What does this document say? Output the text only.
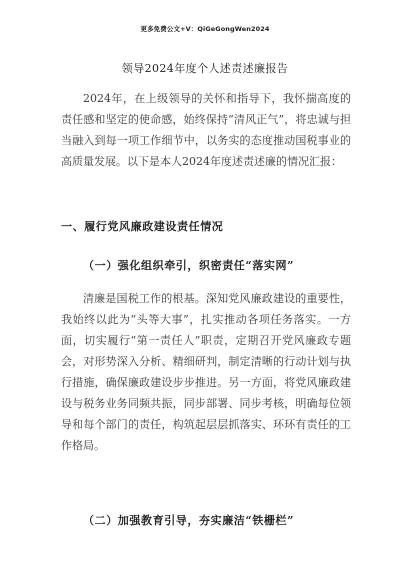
更多免费公文+V：QiGeGongWen2024
领导2024年度个人述责述廉报告

2024年，在上级领导的关怀和指导下，我怀揣高度的责任感和坚定的使命感，始终保持“清风正气”，将忠诚与担当融入到每一项工作细节中，以务实的态度推动国税事业的高质量发展。以下是本人2024年度述责述廉的情况汇报：

一、履行党风廉政建设责任情况
（一）强化组织牵引，织密责任“落实网”

清廉是国税工作的根基。深知党风廉政建设的重要性，我始终以此为“头等大事”，扎实推动各项任务落实。一方面，切实履行“第一责任人”职责，定期召开党风廉政专题会，对形势深入分析、精细研判，制定清晰的行动计划与执行措施，确保廉政建设步步推进。另一方面，将党风廉政建设与税务业务同频共振，同步部署、同步考核，明确每位领导和每个部门的责任，构筑起层层抓落实、环环有责任的工作格局。

（二）加强教育引导，夯实廉洁“铁栅栏”
